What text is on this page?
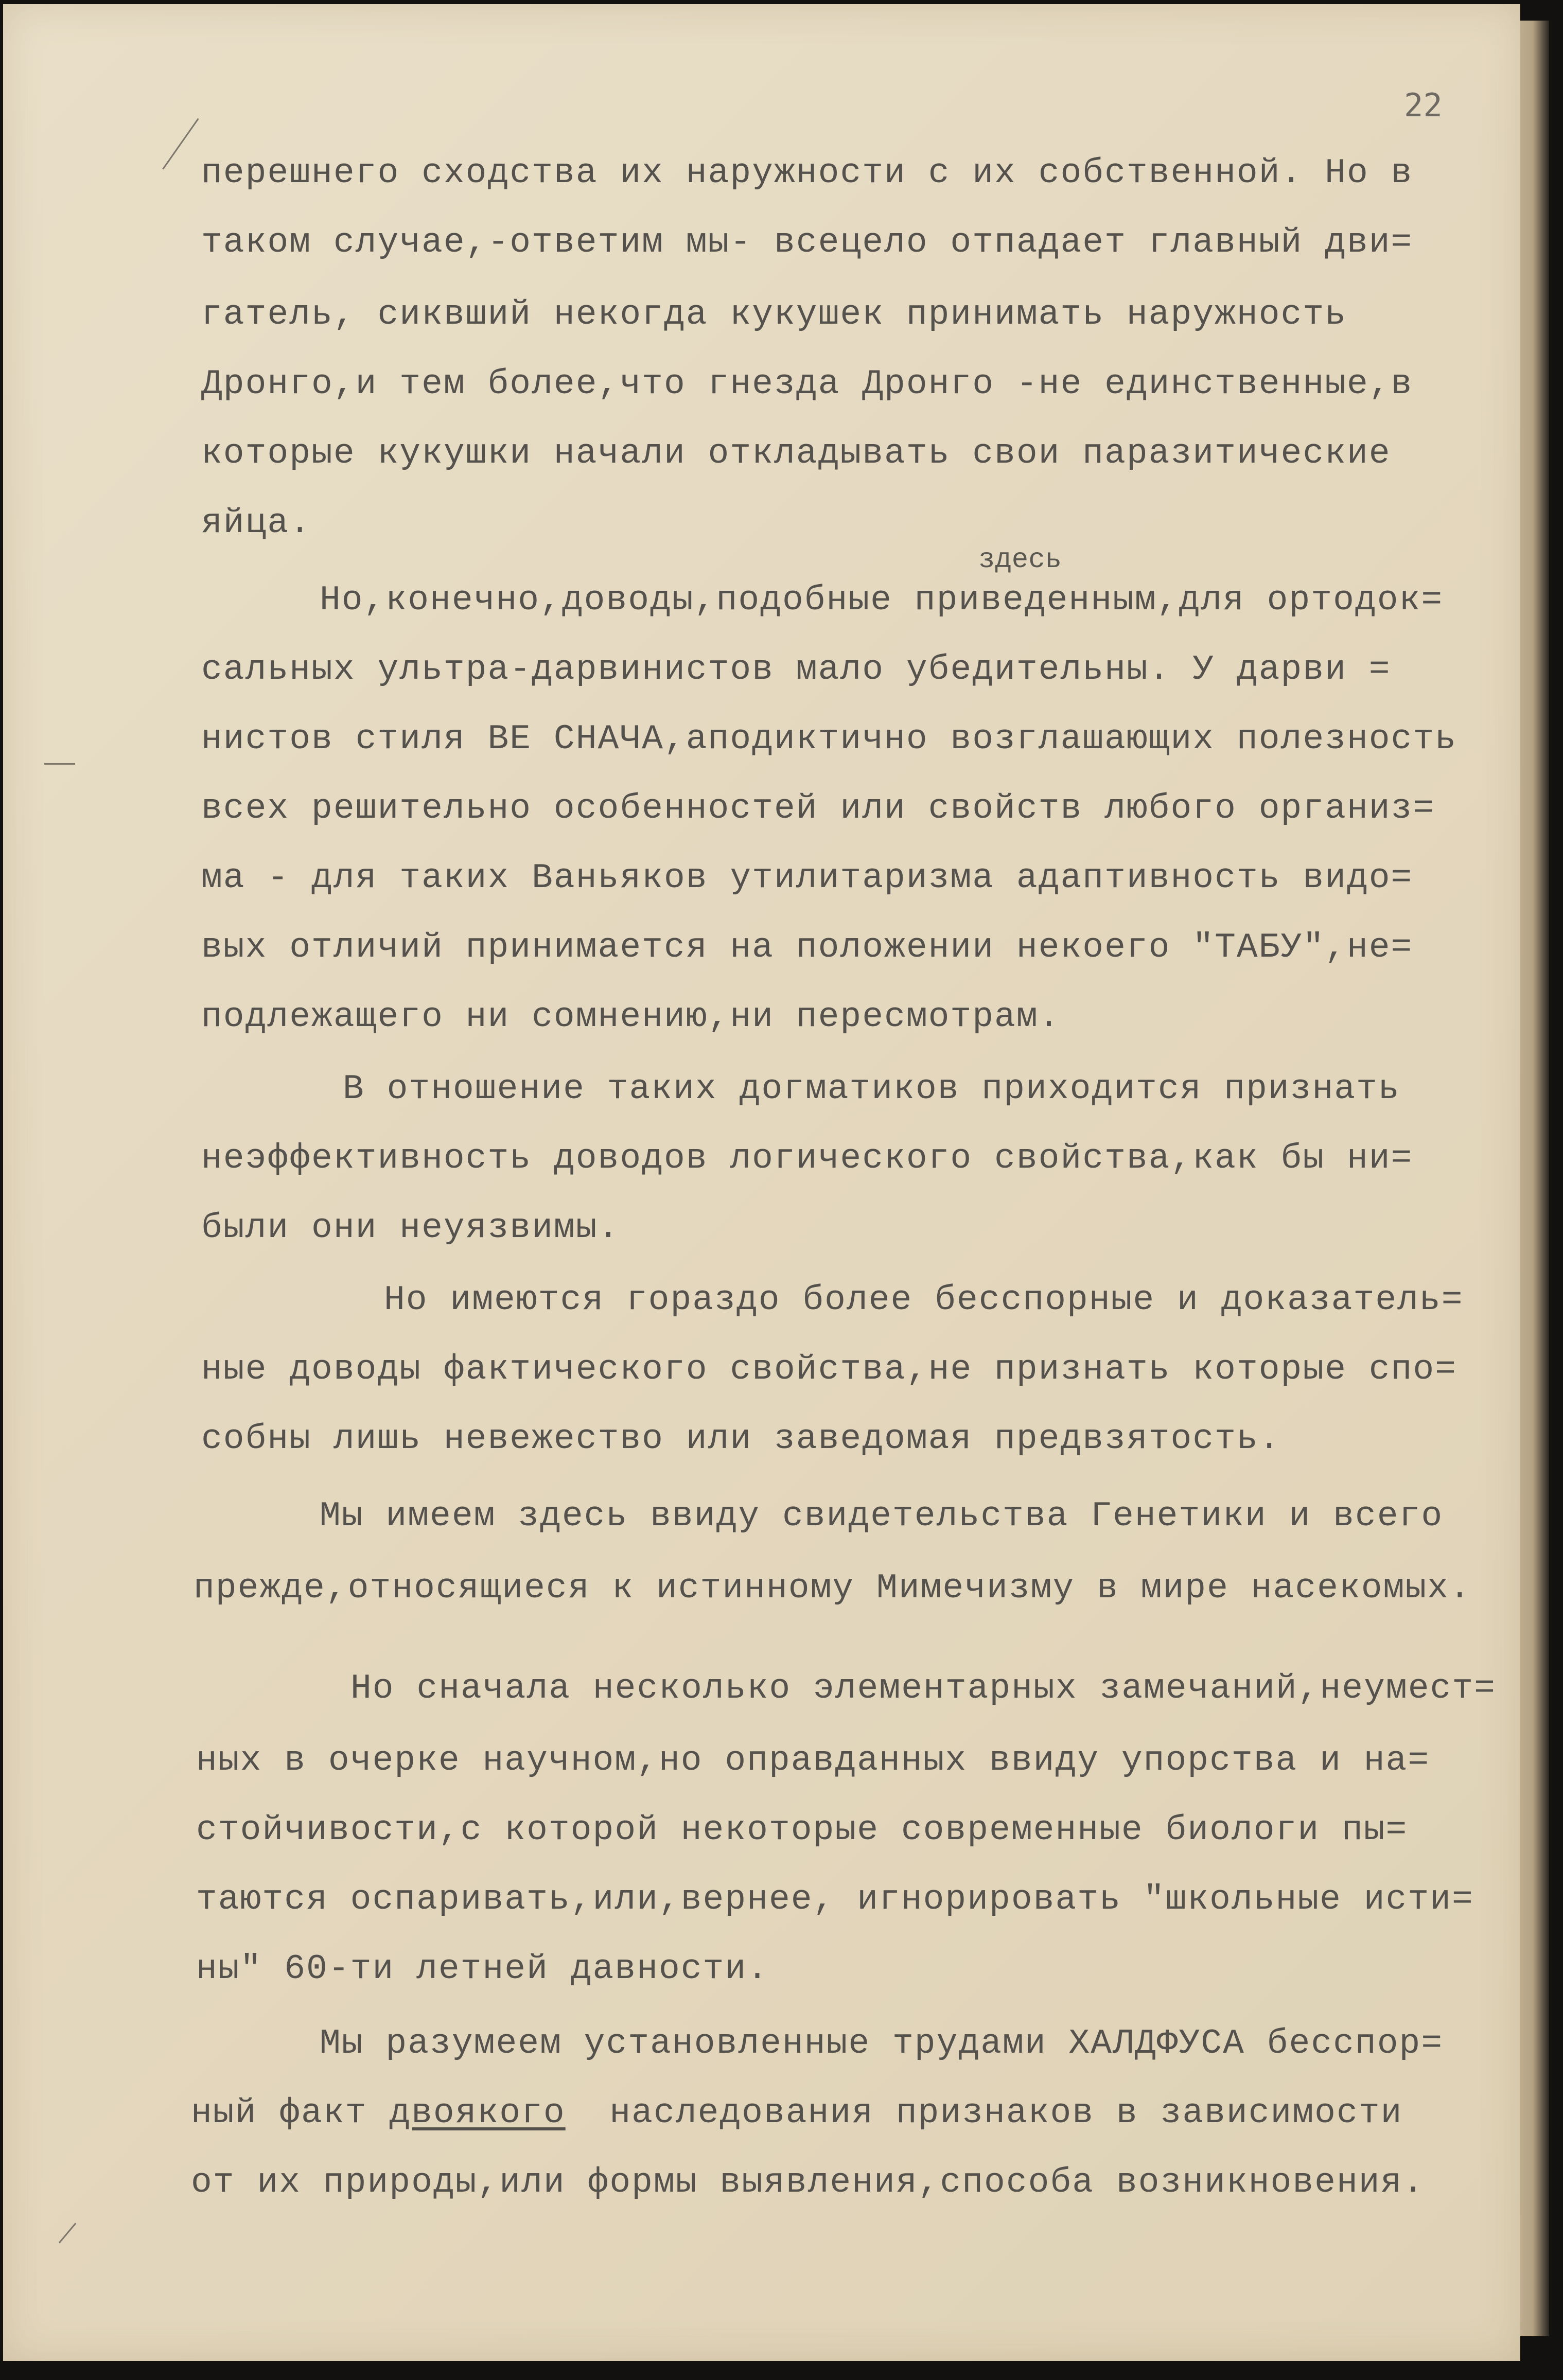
22
здесь
перешнего сходства их наружности с их собственной. Но в
таком случае,-ответим мы- всецело отпадает главный дви=
гатель, сиквший некогда кукушек принимать наружность
Дронго,и тем более,что гнезда Дронго -не единственные,в
которые кукушки начали откладывать свои паразитические
яйца.
Но,конечно,доводы,подобные приведенным,для ортодок=
сальных ультра-дарвинистов мало убедительны. У дарви =
нистов стиля ВЕ СНАЧА,аподиктично возглашающих полезность
всех решительно особенностей или свойств любого организ=
ма - для таких Ваньяков утилитаризма адаптивность видо=
вых отличий принимается на положении некоего "ТАБУ",не=
подлежащего ни сомнению,ни пересмотрам.
В отношение таких догматиков приходится признать
неэффективность доводов логического свойства,как бы ни=
были они неуязвимы.
Но имеются гораздо более бесспорные и доказатель=
ные доводы фактического свойства,не признать которые спо=
собны лишь невежество или заведомая предвзятость.
Мы имеем здесь ввиду свидетельства Генетики и всего
прежде,относящиеся к истинному Мимечизму в мире насекомых.
Но сначала несколько элементарных замечаний,неумест=
ных в очерке научном,но оправданных ввиду упорства и на=
стойчивости,с которой некоторые современные биологи пы=
таются оспаривать,или,вернее, игнорировать "школьные исти=
ны" 60-ти летней давности.
Мы разумеем установленные трудами ХАЛДФУСА бесспор=
ный факт двоякого наследования признаков в зависимости
от их природы,или формы выявления,способа возникновения.
